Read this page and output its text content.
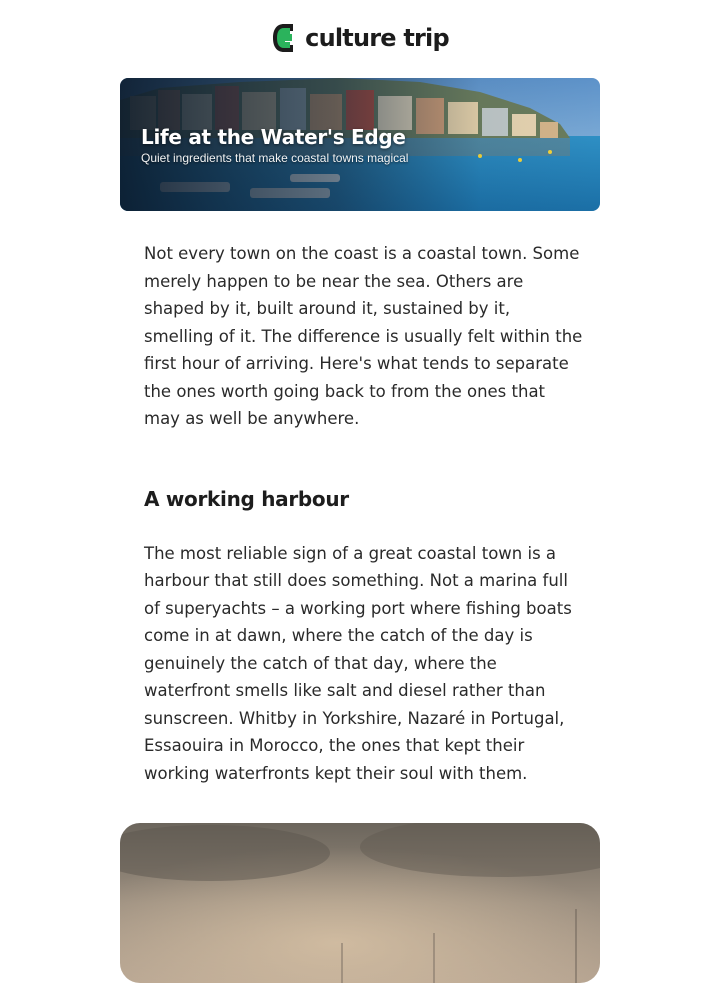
culture trip
Life at the Water's Edge
Quiet ingredients that make coastal towns magical

Not every town on the coast is a coastal town. Some merely happen to be near the sea. Others are shaped by it, built around it, sustained by it, smelling of it. The difference is usually felt within the first hour of arriving. Here's what tends to separate the ones worth going back to from the ones that may as well be anywhere.

A working harbour

The most reliable sign of a great coastal town is a harbour that still does something. Not a marina full of superyachts – a working port where fishing boats come in at dawn, where the catch of the day is genuinely the catch of that day, where the waterfront smells like salt and diesel rather than sunscreen. Whitby in Yorkshire, Nazaré in Portugal, Essaouira in Morocco, the ones that kept their working waterfronts kept their soul with them.
